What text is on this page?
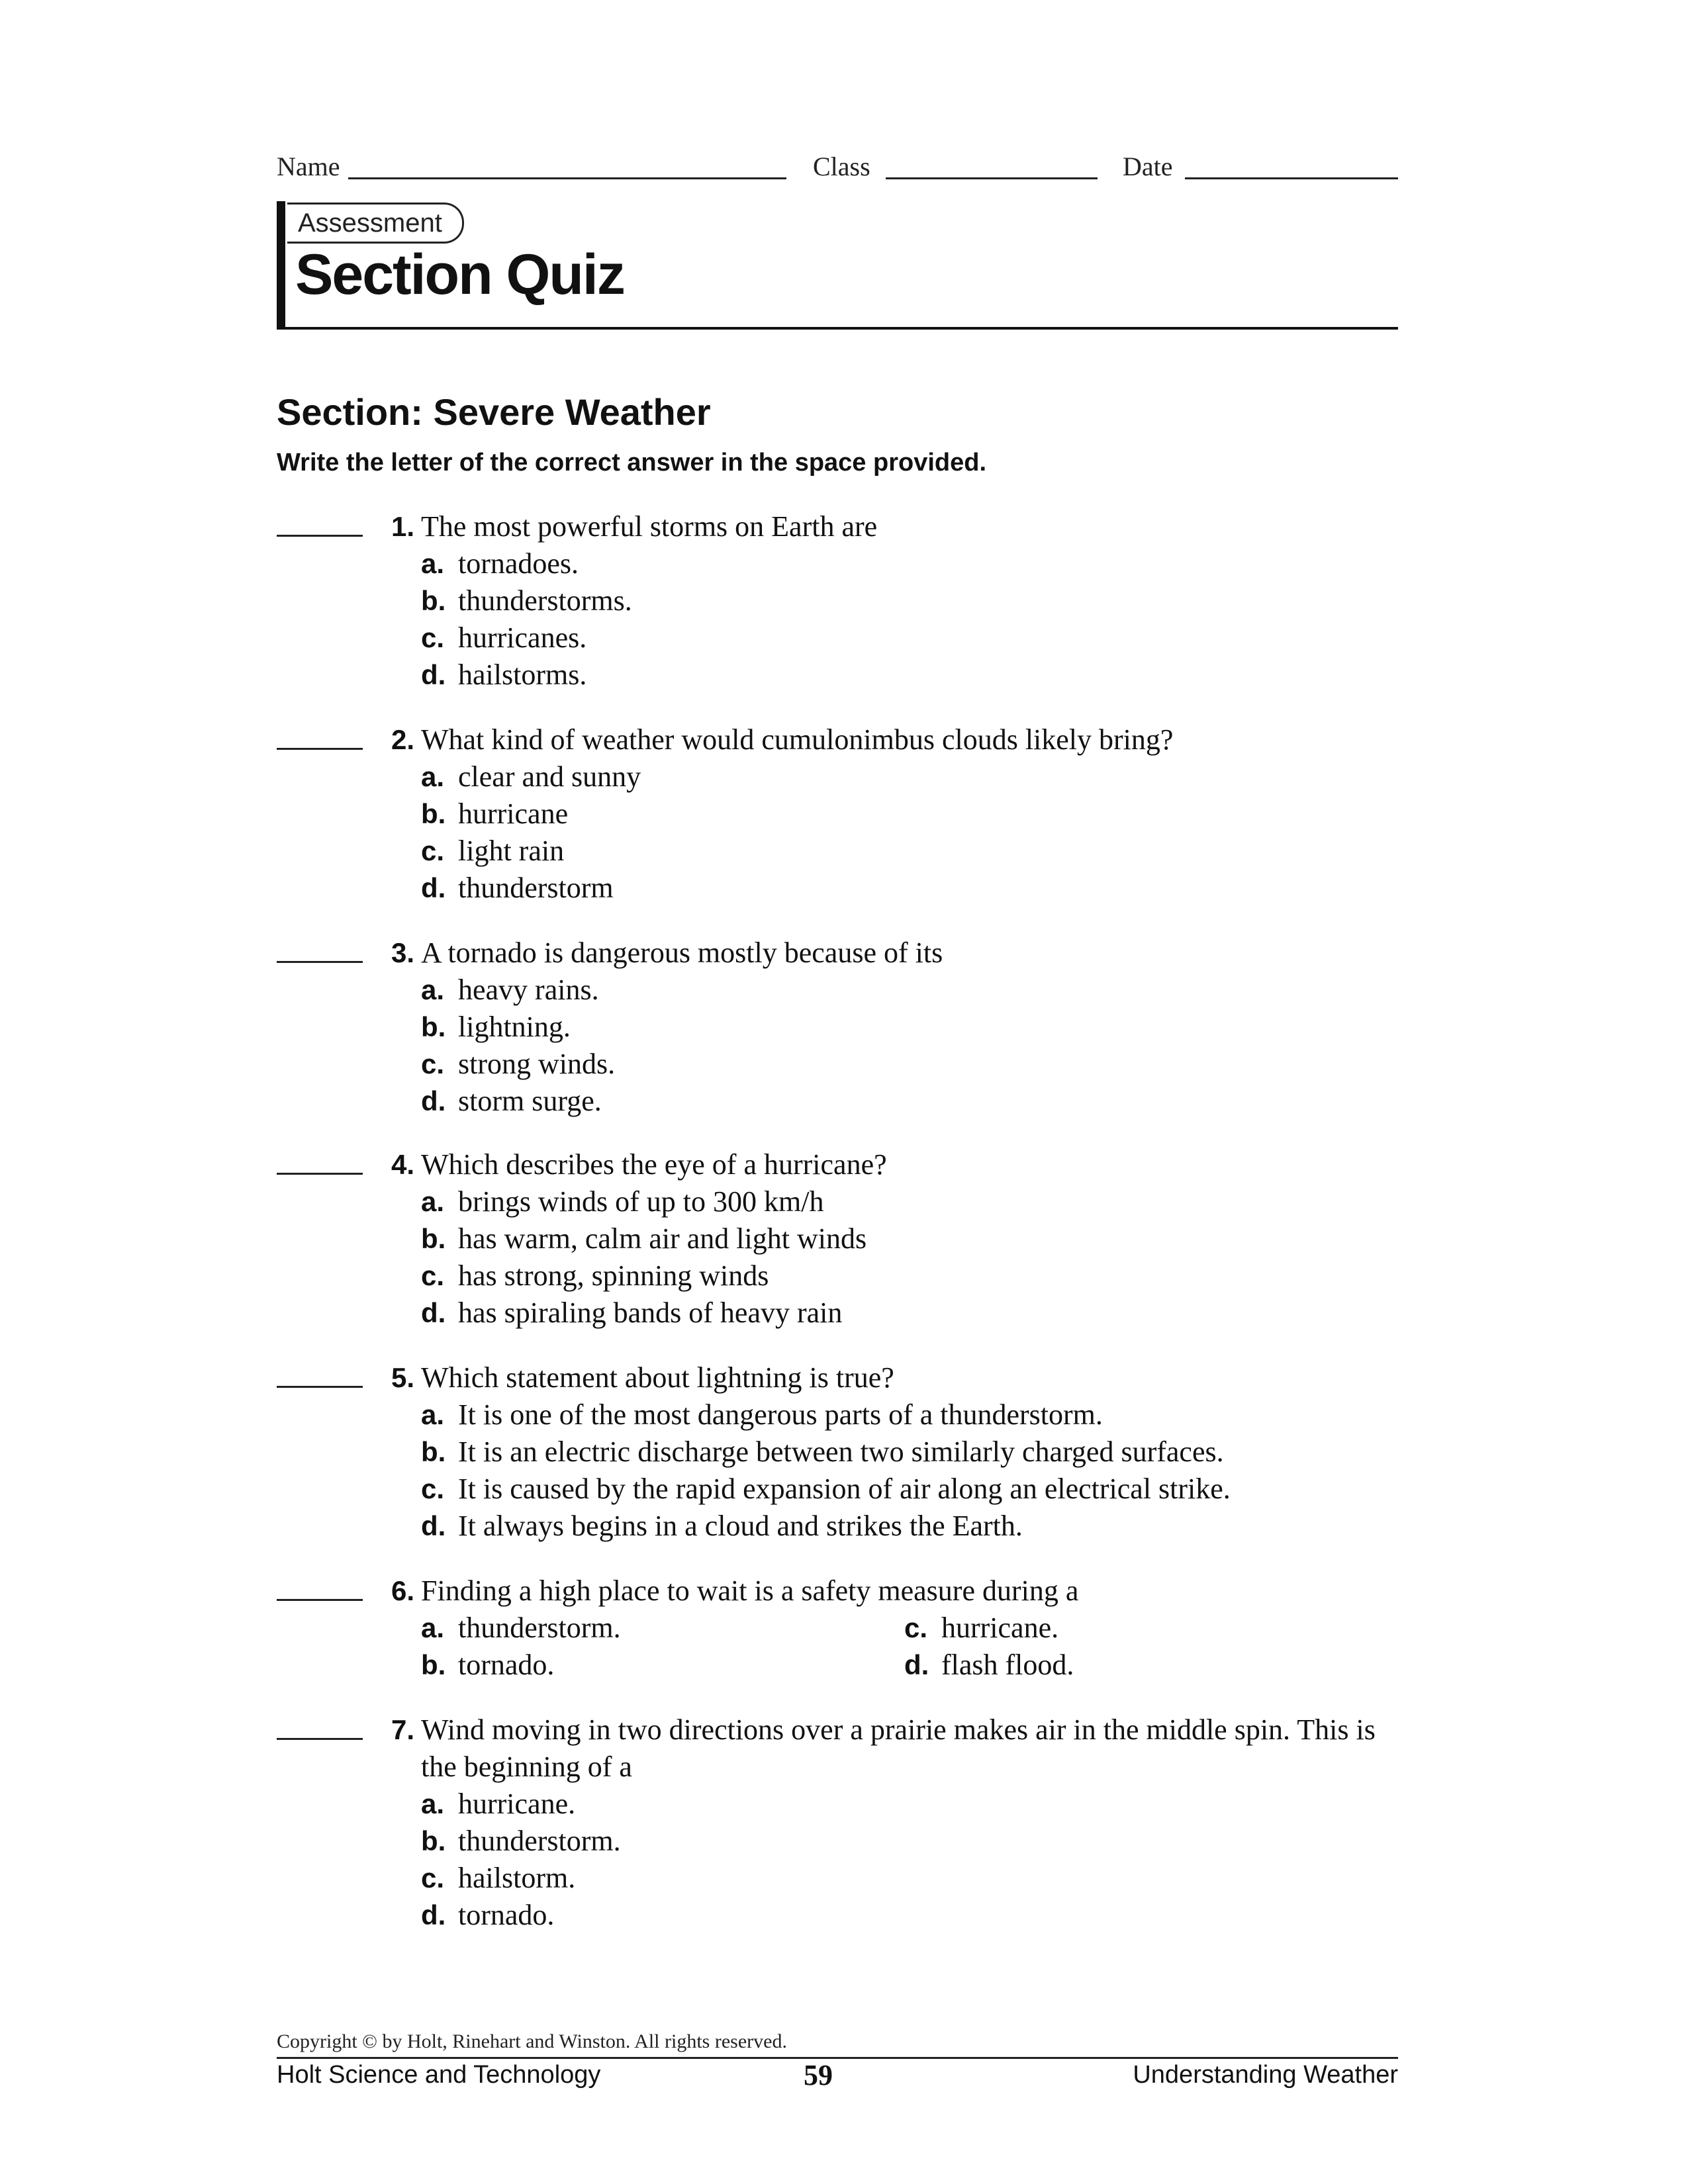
Name	Class	Date
Assessment
Section Quiz
Section: Severe Weather
Write the letter of the correct answer in the space provided.
1. The most powerful storms on Earth are
a. tornadoes.
b. thunderstorms.
c. hurricanes.
d. hailstorms.
2. What kind of weather would cumulonimbus clouds likely bring?
a. clear and sunny
b. hurricane
c. light rain
d. thunderstorm
3. A tornado is dangerous mostly because of its
a. heavy rains.
b. lightning.
c. strong winds.
d. storm surge.
4. Which describes the eye of a hurricane?
a. brings winds of up to 300 km/h
b. has warm, calm air and light winds
c. has strong, spinning winds
d. has spiraling bands of heavy rain
5. Which statement about lightning is true?
a. It is one of the most dangerous parts of a thunderstorm.
b. It is an electric discharge between two similarly charged surfaces.
c. It is caused by the rapid expansion of air along an electrical strike.
d. It always begins in a cloud and strikes the Earth.
6. Finding a high place to wait is a safety measure during a
a. thunderstorm.
b. tornado.
c. hurricane.
d. flash flood.
7. Wind moving in two directions over a prairie makes air in the middle spin. This is the beginning of a
a. hurricane.
b. thunderstorm.
c. hailstorm.
d. tornado.
Copyright © by Holt, Rinehart and Winston. All rights reserved.
Holt Science and Technology	59	Understanding Weather
